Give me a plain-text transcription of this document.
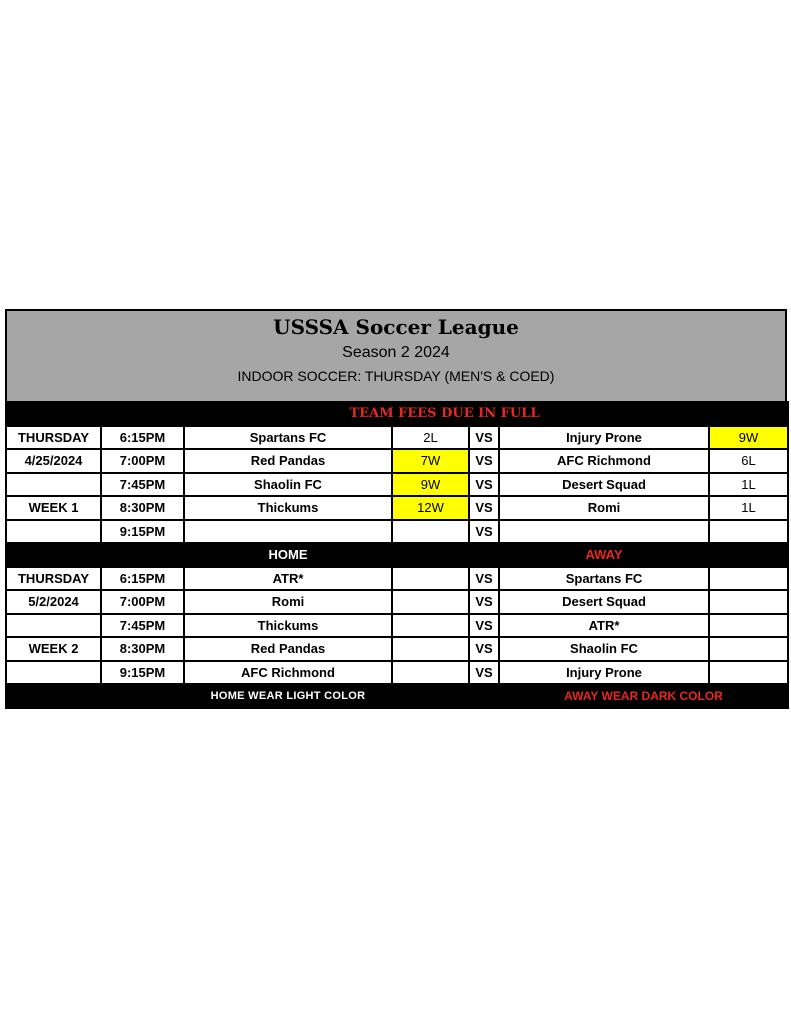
USSSA Soccer League
Season 2 2024
INDOOR SOCCER: THURSDAY (MEN'S & COED)
	TEAM FEES DUE IN FULL					
THURSDAY	6:15PM	Spartans FC	2L	VS	Injury Prone	9W
4/25/2024	7:00PM	Red Pandas	7W	VS	AFC Richmond	6L
	7:45PM	Shaolin FC	9W	VS	Desert Squad	1L
WEEK 1	8:30PM	Thickums	12W	VS	Romi	1L
	9:15PM			VS		
		HOME			AWAY	
THURSDAY	6:15PM	ATR*		VS	Spartans FC	
5/2/2024	7:00PM	Romi		VS	Desert Squad	
	7:45PM	Thickums		VS	ATR*	
WEEK 2	8:30PM	Red Pandas		VS	Shaolin FC	
	9:15PM	AFC Richmond		VS	Injury Prone	
		HOME WEAR LIGHT COLOR			AWAY WEAR DARK COLOR	
